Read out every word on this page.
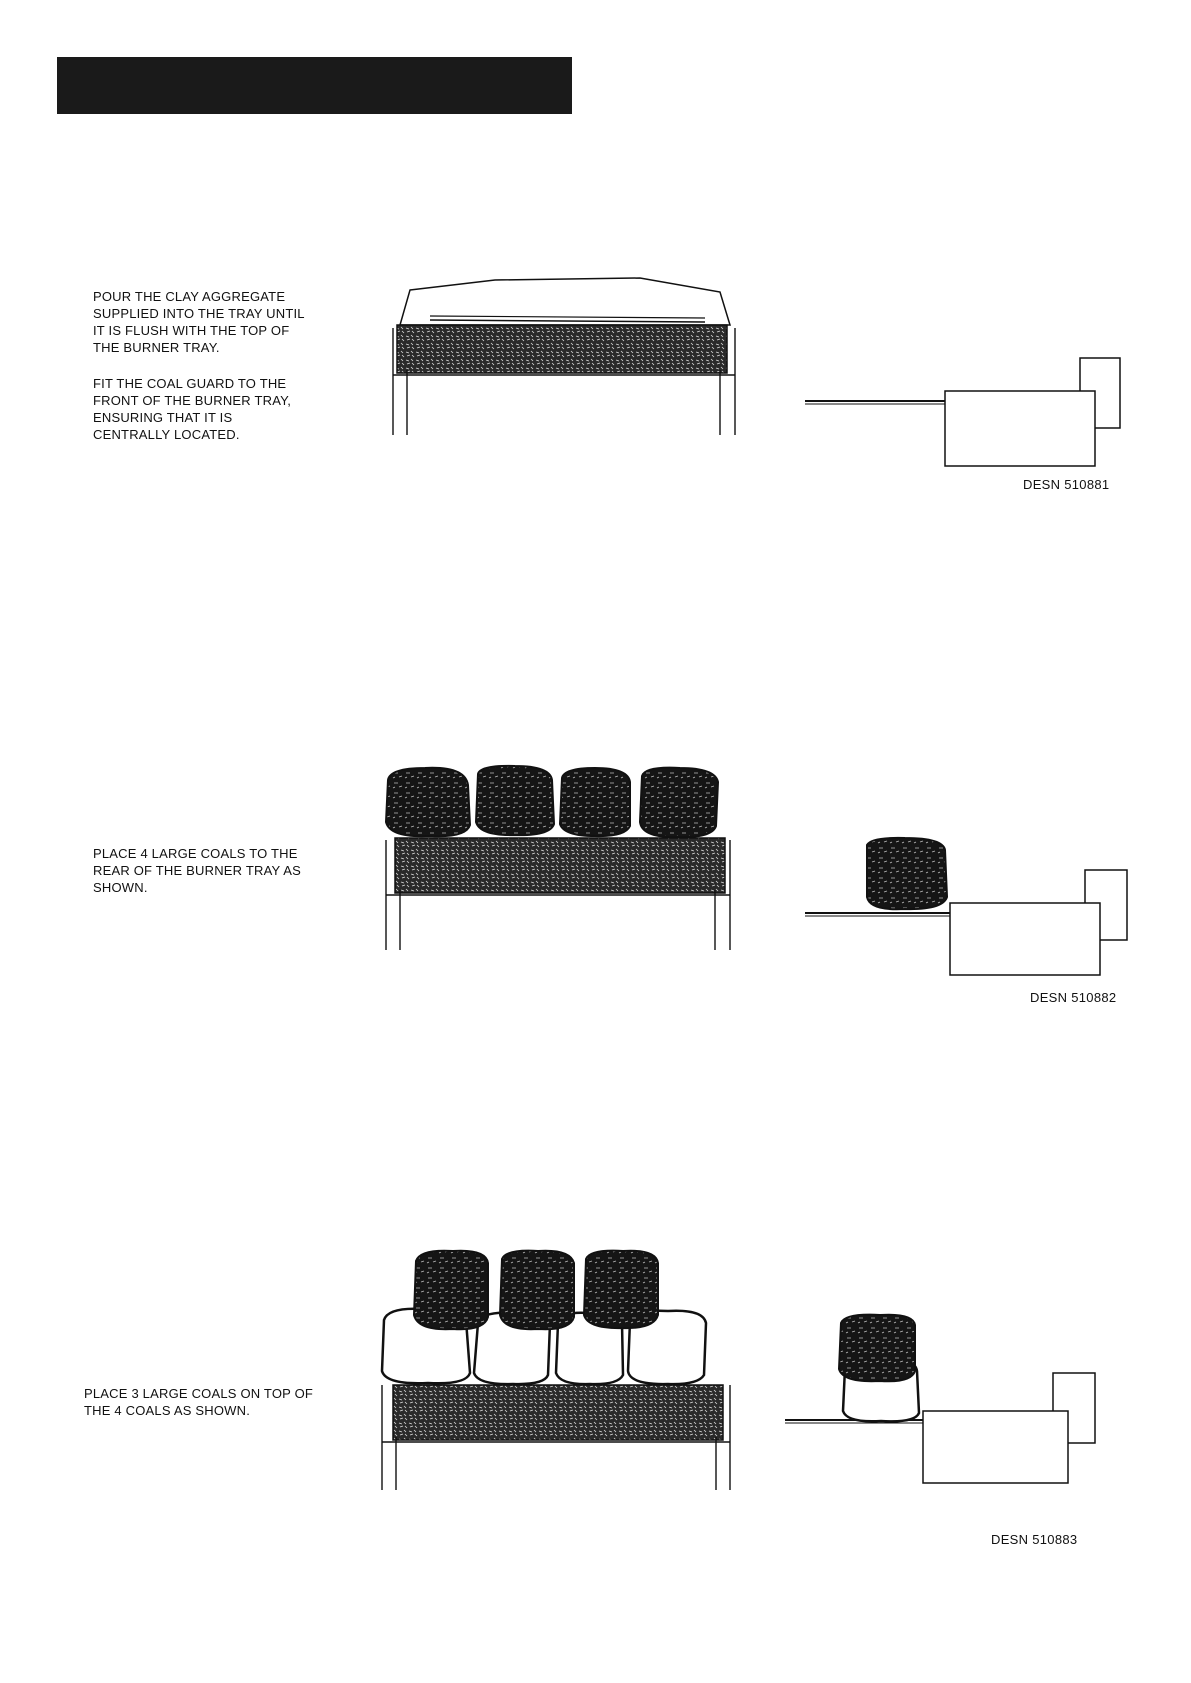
POUR THE CLAY AGGREGATE SUPPLIED INTO THE TRAY UNTIL IT IS FLUSH WITH THE TOP OF THE BURNER TRAY.

FIT THE COAL GUARD TO THE FRONT OF THE BURNER TRAY, ENSURING THAT IT IS CENTRALLY LOCATED.

DESN 510881

PLACE 4 LARGE COALS TO THE REAR OF THE BURNER TRAY AS SHOWN.

DESN 510882

PLACE 3 LARGE COALS ON TOP OF THE 4 COALS AS SHOWN.

DESN 510883
